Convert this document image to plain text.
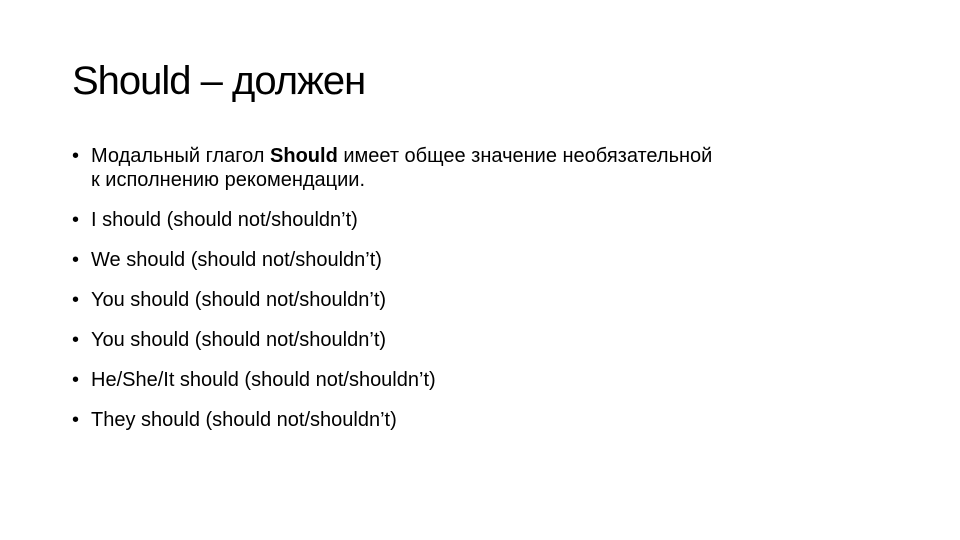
Should – должен
• Модальный глагол Should имеет общее значение необязательной
к исполнению рекомендации.
• I should (should not/shouldn’t)
• We should (should not/shouldn’t)
• You should (should not/shouldn’t)
• You should (should not/shouldn’t)
• He/She/It should (should not/shouldn’t)
• They should (should not/shouldn’t)
